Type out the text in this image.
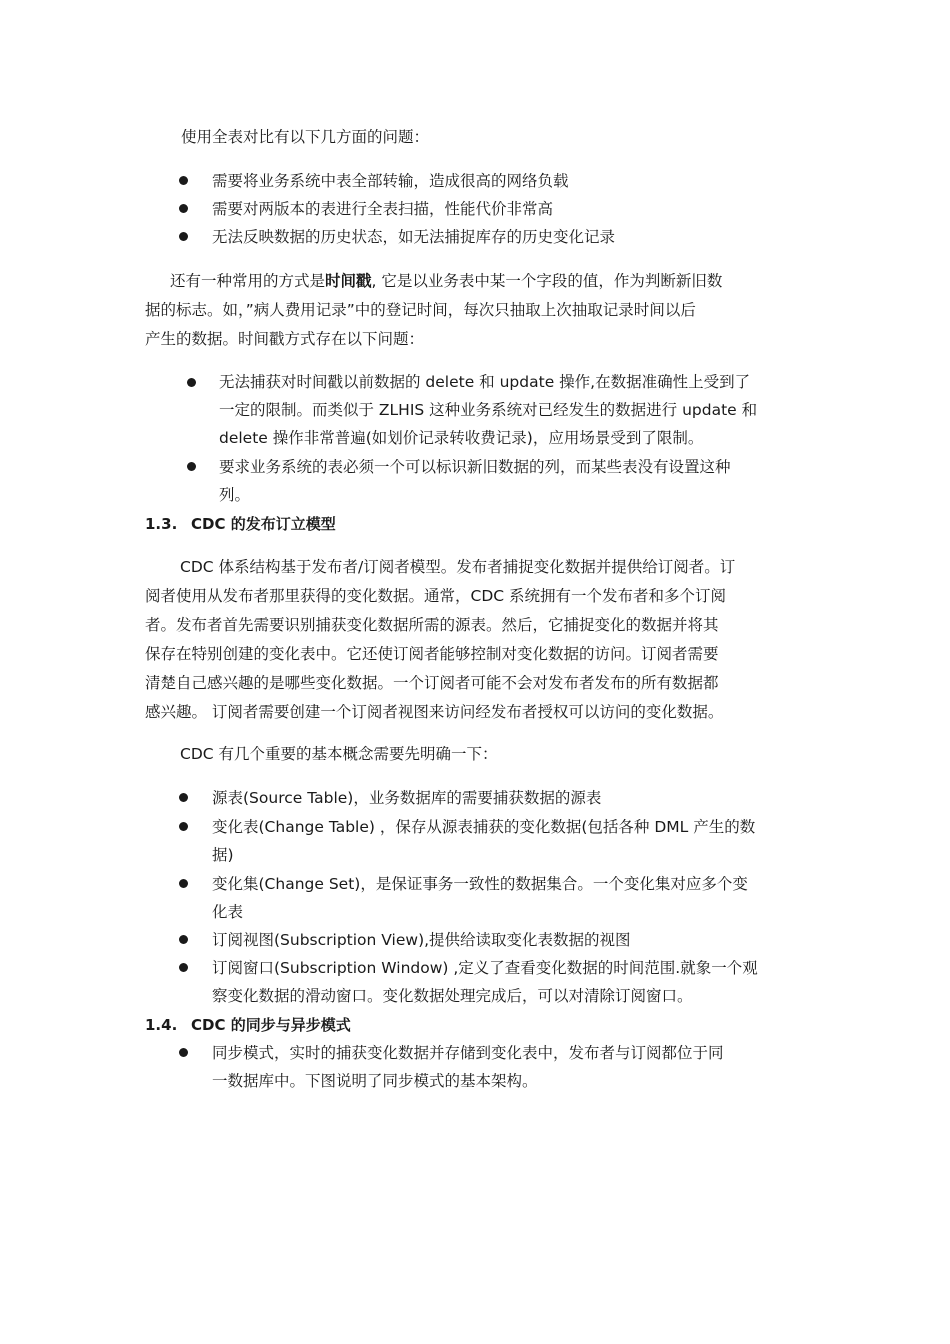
使用全表对比有以下几方面的问题：
需要将业务系统中表全部转输，造成很高的网络负载
需要对两版本的表进行全表扫描，性能代价非常高
无法反映数据的历史状态，如无法捕捉库存的历史变化记录
还有一种常用的方式是时间戳, 它是以业务表中某一个字段的值，作为判断新旧数
据的标志。如，”病人费用记录”中的登记时间，每次只抽取上次抽取记录时间以后
产生的数据。时间戳方式存在以下问题：
无法捕获对时间戳以前数据的 delete 和 update 操作,在数据准确性上受到了
一定的限制。而类似于 ZLHIS 这种业务系统对已经发生的数据进行 update 和
delete 操作非常普遍(如划价记录转收费记录)，应用场景受到了限制。
要求业务系统的表必须一个可以标识新旧数据的列，而某些表没有设置这种
列。
1.3. CDC 的发布订立模型
CDC 体系结构基于发布者/订阅者模型。发布者捕捉变化数据并提供给订阅者。订
阅者使用从发布者那里获得的变化数据。通常，CDC 系统拥有一个发布者和多个订阅
者。发布者首先需要识别捕获变化数据所需的源表。然后，它捕捉变化的数据并将其
保存在特别创建的变化表中。它还使订阅者能够控制对变化数据的访问。订阅者需要
清楚自己感兴趣的是哪些变化数据。一个订阅者可能不会对发布者发布的所有数据都
感兴趣。 订阅者需要创建一个订阅者视图来访问经发布者授权可以访问的变化数据。
CDC 有几个重要的基本概念需要先明确一下：
源表(Source Table)，业务数据库的需要捕获数据的源表
变化表(Change Table) ，保存从源表捕获的变化数据(包括各种 DML 产生的数
据)
变化集(Change Set)，是保证事务一致性的数据集合。一个变化集对应多个变
化表
订阅视图(Subscription View),提供给读取变化表数据的视图
订阅窗口(Subscription Window) ,定义了查看变化数据的时间范围.就象一个观
察变化数据的滑动窗口。变化数据处理完成后，可以对清除订阅窗口。
1.4. CDC 的同步与异步模式
同步模式，实时的捕获变化数据并存储到变化表中，发布者与订阅都位于同
一数据库中。下图说明了同步模式的基本架构。
